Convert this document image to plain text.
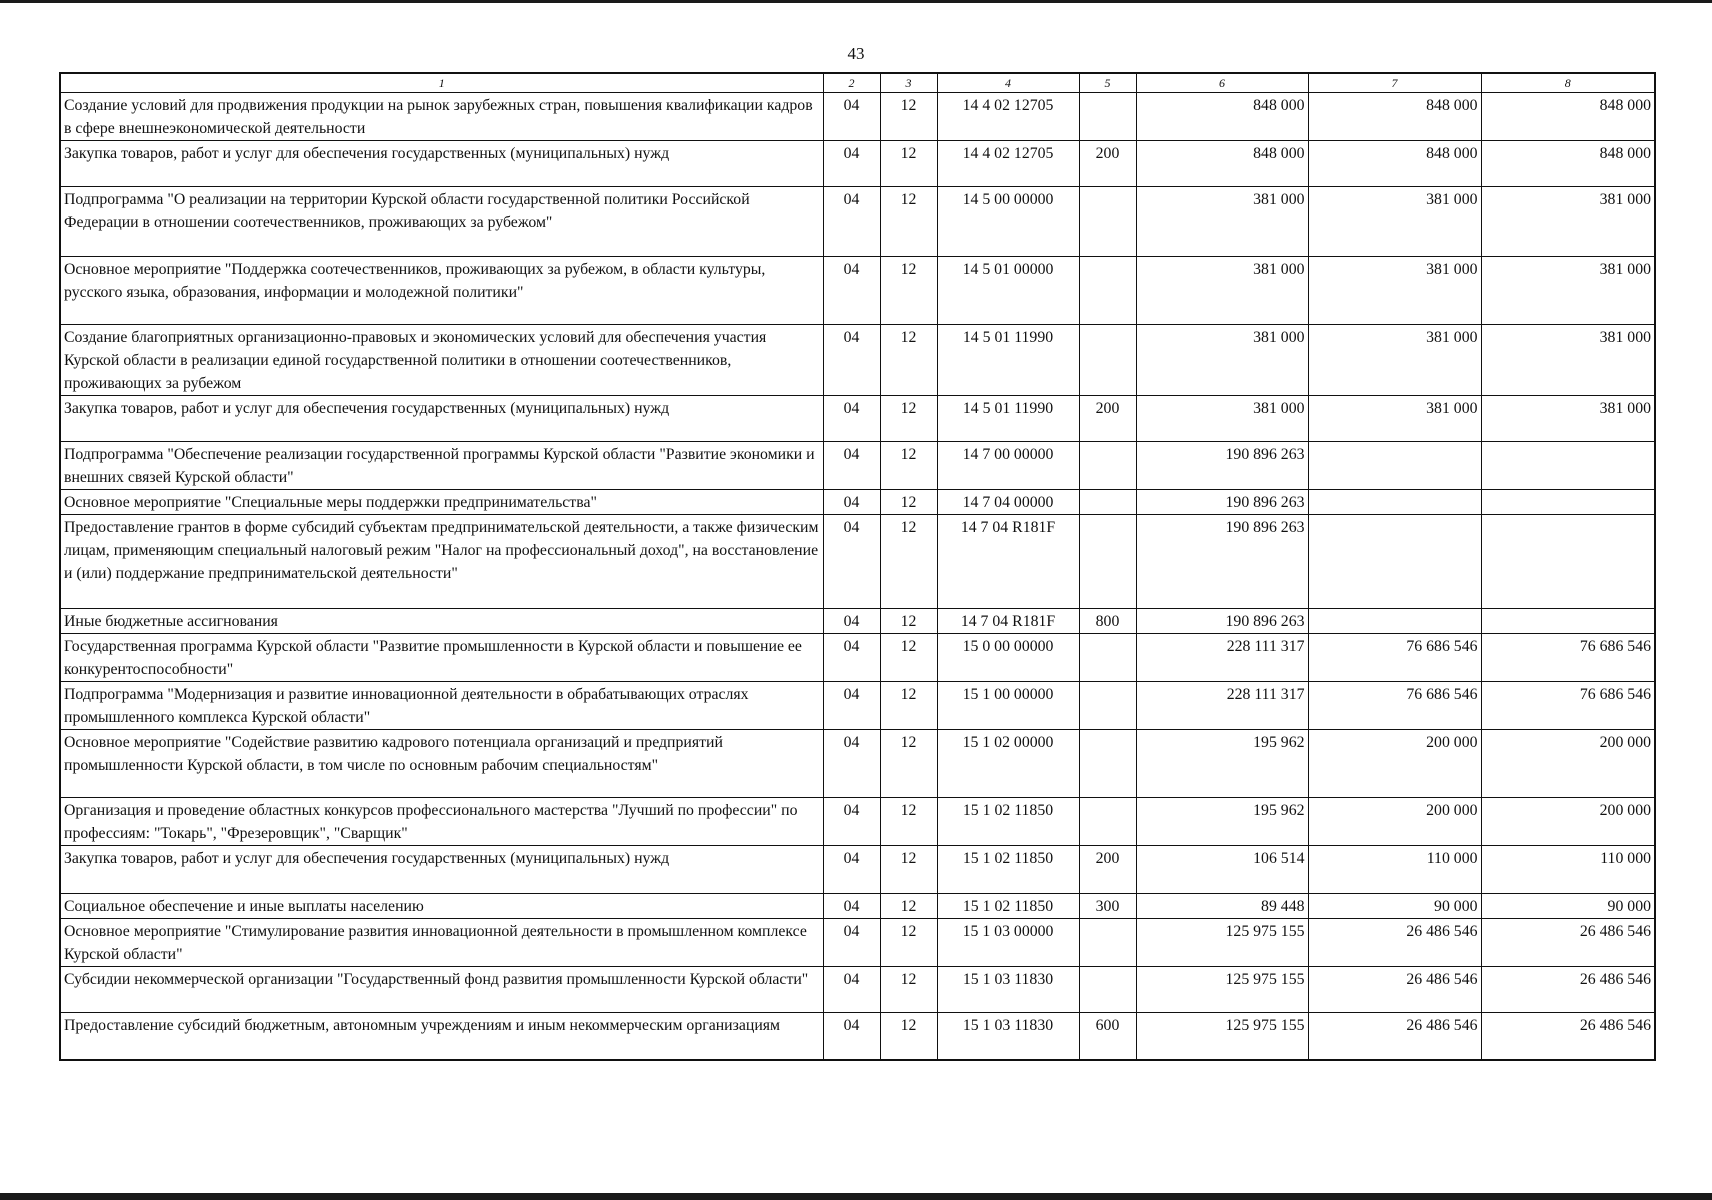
43
1	2	3	4	5	6	7	8
Создание условий для продвижения продукции на рынок зарубежных стран, повышения квалификации кадров в сфере внешнеэкономической деятельности	04	12	14 4 02 12705		848 000	848 000	848 000
Закупка товаров, работ и услуг для обеспечения государственных (муниципальных) нужд	04	12	14 4 02 12705	200	848 000	848 000	848 000
Подпрограмма "О реализации на территории Курской области государственной политики Российской Федерации в отношении соотечественников, проживающих за рубежом"	04	12	14 5 00 00000		381 000	381 000	381 000
Основное мероприятие "Поддержка соотечественников, проживающих за рубежом, в области культуры, русского языка, образования, информации и молодежной политики"	04	12	14 5 01 00000		381 000	381 000	381 000
Создание благоприятных организационно-правовых и экономических условий для обеспечения участия Курской области в реализации единой государственной политики в отношении соотечественников, проживающих за рубежом	04	12	14 5 01 11990		381 000	381 000	381 000
Закупка товаров, работ и услуг для обеспечения государственных (муниципальных) нужд	04	12	14 5 01 11990	200	381 000	381 000	381 000
Подпрограмма "Обеспечение реализации государственной программы Курской области "Развитие экономики и внешних связей Курской области"	04	12	14 7 00 00000		190 896 263		
Основное мероприятие "Специальные меры поддержки предпринимательства"	04	12	14 7 04 00000		190 896 263		
Предоставление грантов в форме субсидий субъектам предпринимательской деятельности, а также физическим лицам, применяющим специальный налоговый режим "Налог на профессиональный доход", на восстановление и (или) поддержание предпринимательской деятельности"	04	12	14 7 04 R181F		190 896 263		
Иные бюджетные ассигнования	04	12	14 7 04 R181F	800	190 896 263		
Государственная программа Курской области "Развитие промышленности в Курской области и повышение ее конкурентоспособности"	04	12	15 0 00 00000		228 111 317	76 686 546	76 686 546
Подпрограмма "Модернизация и развитие инновационной деятельности в обрабатывающих отраслях промышленного комплекса Курской области"	04	12	15 1 00 00000		228 111 317	76 686 546	76 686 546
Основное мероприятие "Содействие развитию кадрового потенциала организаций и предприятий промышленности Курской области, в том числе по основным рабочим специальностям"	04	12	15 1 02 00000		195 962	200 000	200 000
Организация и проведение областных конкурсов профессионального мастерства "Лучший по профессии" по профессиям: "Токарь", "Фрезеровщик", "Сварщик"	04	12	15 1 02 11850		195 962	200 000	200 000
Закупка товаров, работ и услуг для обеспечения государственных (муниципальных) нужд	04	12	15 1 02 11850	200	106 514	110 000	110 000
Социальное обеспечение и иные выплаты населению	04	12	15 1 02 11850	300	89 448	90 000	90 000
Основное мероприятие "Стимулирование развития инновационной деятельности в промышленном комплексе Курской области"	04	12	15 1 03 00000		125 975 155	26 486 546	26 486 546
Субсидии некоммерческой организации "Государственный фонд развития промышленности Курской области"	04	12	15 1 03 11830		125 975 155	26 486 546	26 486 546
Предоставление субсидий бюджетным, автономным учреждениям и иным некоммерческим организациям	04	12	15 1 03 11830	600	125 975 155	26 486 546	26 486 546
